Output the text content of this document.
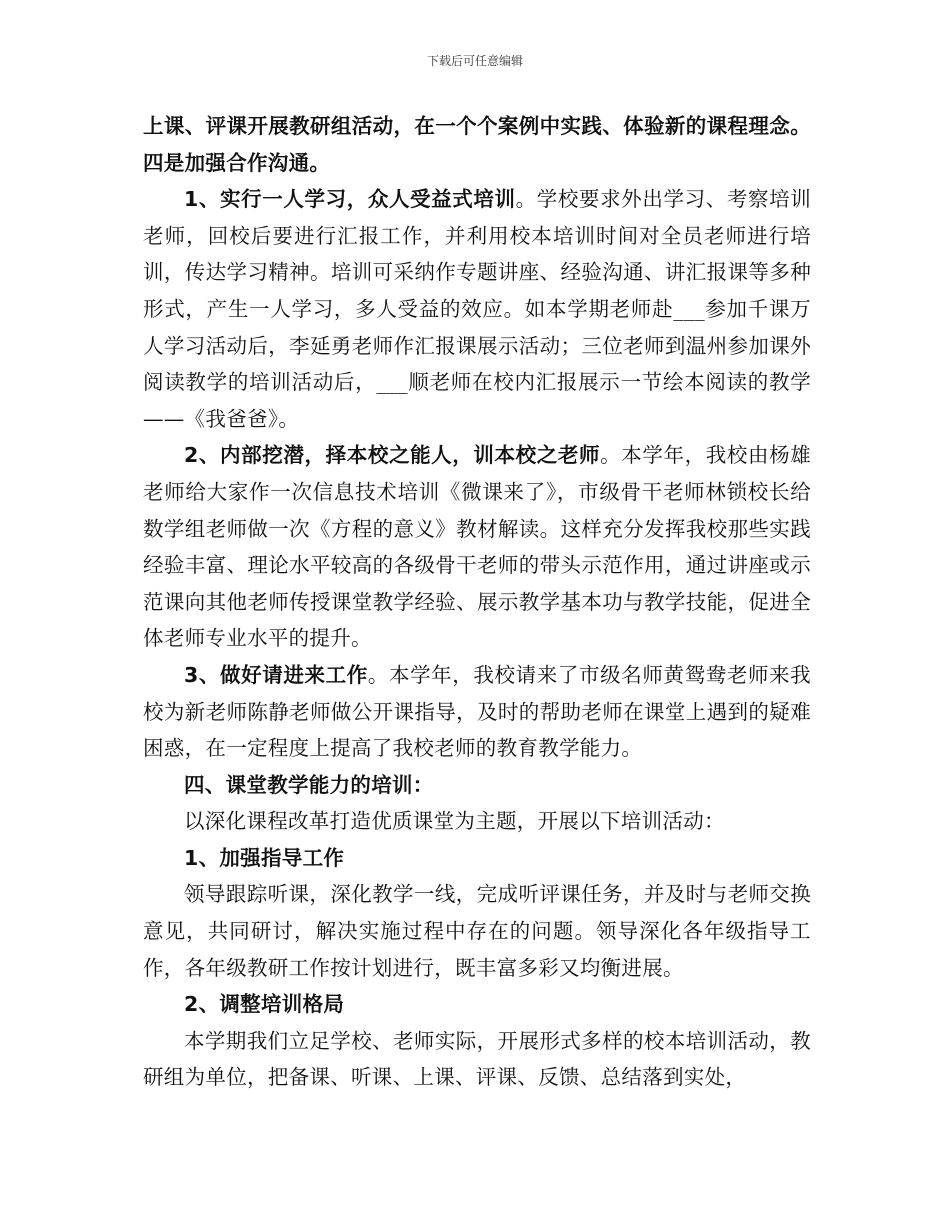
下载后可任意编辑

上课、评课开展教研组活动，在一个个案例中实践、体验新的课程理念。四是加强合作沟通。

1、实行一人学习，众人受益式培训。学校要求外出学习、考察培训老师，回校后要进行汇报工作，并利用校本培训时间对全员老师进行培训，传达学习精神。培训可采纳作专题讲座、经验沟通、讲汇报课等多种形式，产生一人学习，多人受益的效应。如本学期老师赴___参加千课万人学习活动后，李延勇老师作汇报课展示活动；三位老师到温州参加课外阅读教学的培训活动后，___顺老师在校内汇报展示一节绘本阅读的教学——《我爸爸》。

2、内部挖潜，择本校之能人，训本校之老师。本学年，我校由杨雄老师给大家作一次信息技术培训《微课来了》，市级骨干老师林锁校长给数学组老师做一次《方程的意义》教材解读。这样充分发挥我校那些实践经验丰富、理论水平较高的各级骨干老师的带头示范作用，通过讲座或示范课向其他老师传授课堂教学经验、展示教学基本功与教学技能，促进全体老师专业水平的提升。

3、做好请进来工作。本学年，我校请来了市级名师黄鸳鸯老师来我校为新老师陈静老师做公开课指导，及时的帮助老师在课堂上遇到的疑难困惑，在一定程度上提高了我校老师的教育教学能力。

四、课堂教学能力的培训：

以深化课程改革打造优质课堂为主题，开展以下培训活动：

1、加强指导工作

领导跟踪听课，深化教学一线，完成听评课任务，并及时与老师交换意见，共同研讨，解决实施过程中存在的问题。领导深化各年级指导工作，各年级教研工作按计划进行，既丰富多彩又均衡进展。

2、调整培训格局

本学期我们立足学校、老师实际，开展形式多样的校本培训活动，教研组为单位，把备课、听课、上课、评课、反馈、总结落到实处，
